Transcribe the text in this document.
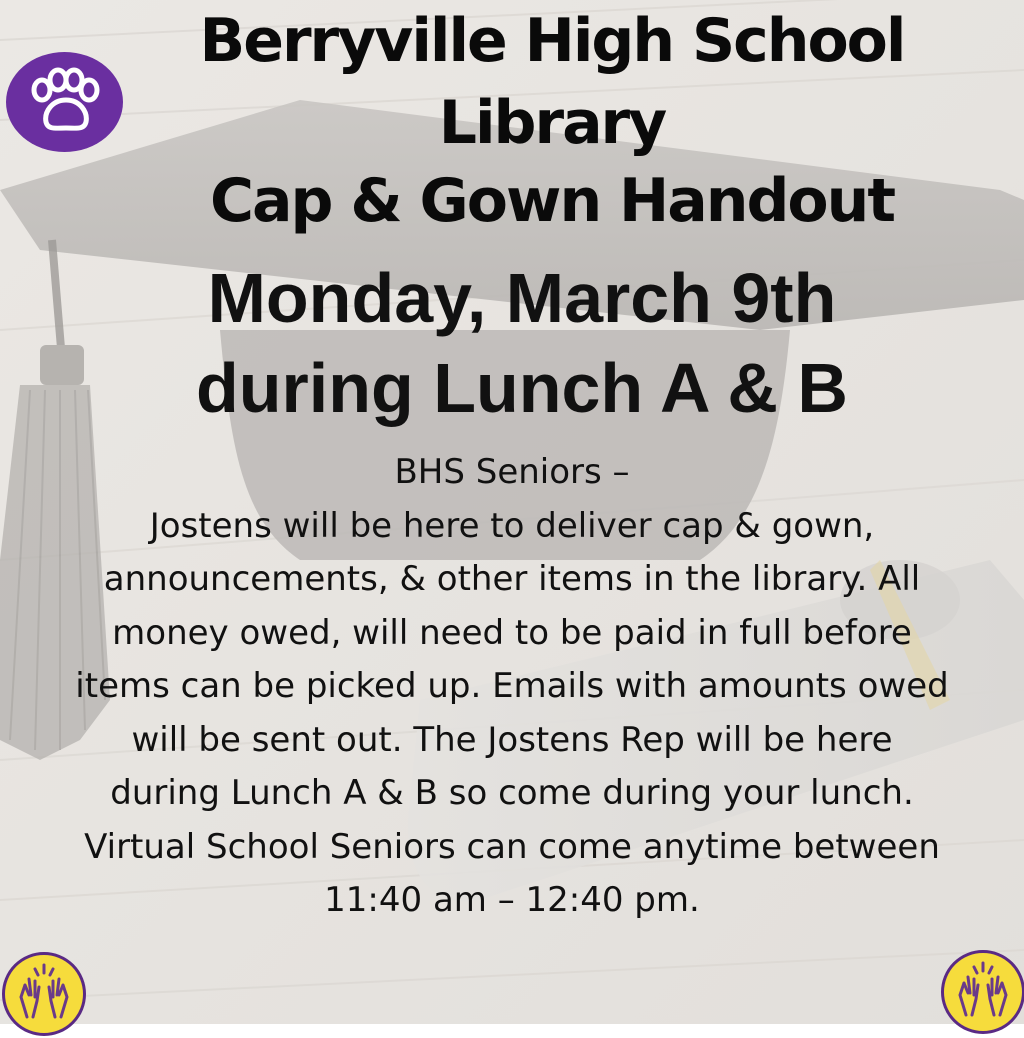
Berryville High School
Library
Cap & Gown Handout
Monday, March 9th
during Lunch A & B
BHS Seniors –
Jostens will be here to deliver cap & gown,
announcements, & other items in the library. All
money owed, will need to be paid in full before
items can be picked up. Emails with amounts owed
will be sent out. The Jostens Rep will be here
during Lunch A & B so come during your lunch.
Virtual School Seniors can come anytime between
11:40 am – 12:40 pm.
